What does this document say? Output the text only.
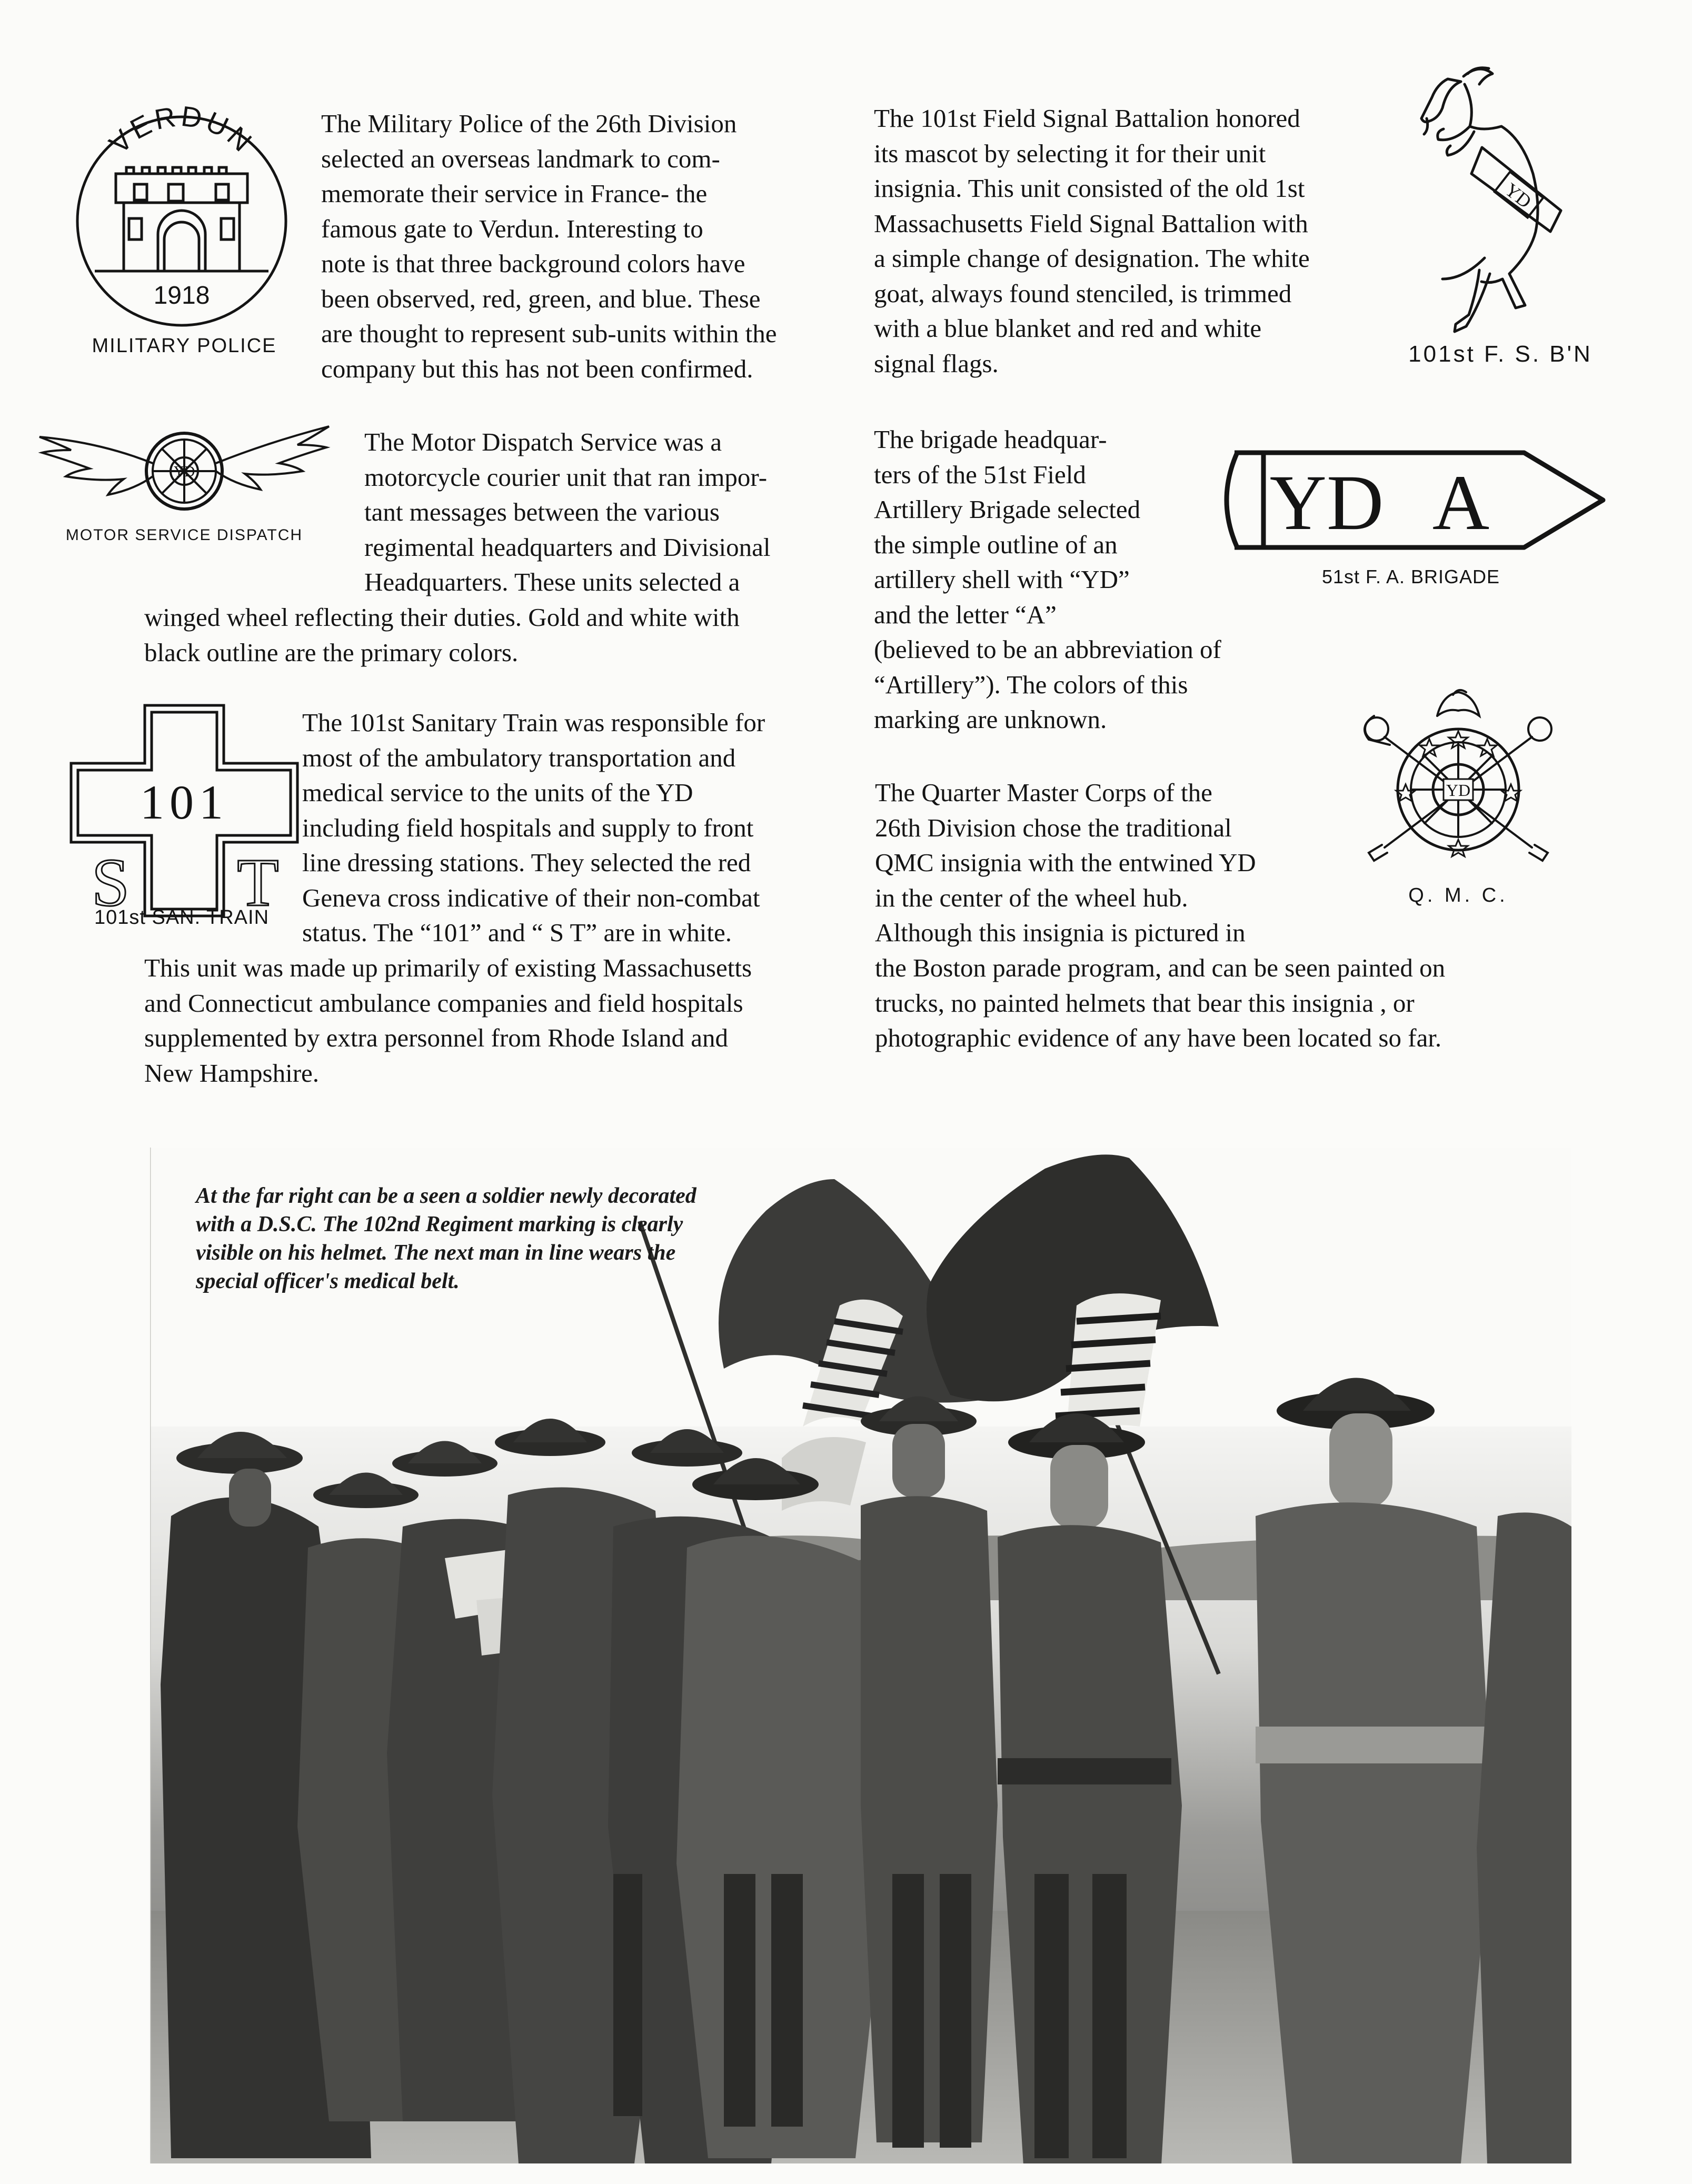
VERDUN
1918
MILITARY POLICE

The Military Police of the 26th Division
selected an overseas landmark to com-
memorate their service in France- the
famous gate to Verdun. Interesting to
note is that three background colors have
been observed, red, green, and blue. These
are thought to represent sub-units within the
company but this has not been confirmed.

The 101st Field Signal Battalion honored
its mascot by selecting it for their unit
insignia. This unit consisted of the old 1st
Massachusetts Field Signal Battalion with
a simple change of designation. The white
goat, always found stenciled, is trimmed
with a blue blanket and red and white
signal flags.

YD
101st F. S. B'N
YD
MOTOR SERVICE DISPATCH

The Motor Dispatch Service was a
motorcycle courier unit that ran impor-
tant messages between the various
regimental headquarters and Divisional
Headquarters. These units selected a

winged wheel reflecting their duties. Gold and white with
black outline are the primary colors.

The brigade headquar-
ters of the 51st Field
Artillery Brigade selected
the simple outline of an
artillery shell with “YD”
and the letter “A”
(believed to be an abbreviation of
“Artillery”). The colors of this
marking are unknown.

YD A
51st F. A. BRIGADE
101
S T
101st SAN. TRAIN

The 101st Sanitary Train was responsible for
most of the ambulatory transportation and
medical service to the units of the YD
including field hospitals and supply to front
line dressing stations. They selected the red
Geneva cross indicative of their non-combat
status. The “101” and “ S T” are in white.

This unit was made up primarily of existing Massachusetts
and Connecticut ambulance companies and field hospitals
supplemented by extra personnel from Rhode Island and
New Hampshire.

The Quarter Master Corps of the
26th Division chose the traditional
QMC insignia with the entwined YD
in the center of the wheel hub.
Although this insignia is pictured in

the Boston parade program, and can be seen painted on
trucks, no painted helmets that bear this insignia , or
photographic evidence of any have been located so far.

YD
Q. M. C.
At the far right can be a seen a soldier newly decorated
with a D.S.C. The 102nd Regiment marking is clearly
visible on his helmet. The next man in line wears the
special officer's medical belt.
